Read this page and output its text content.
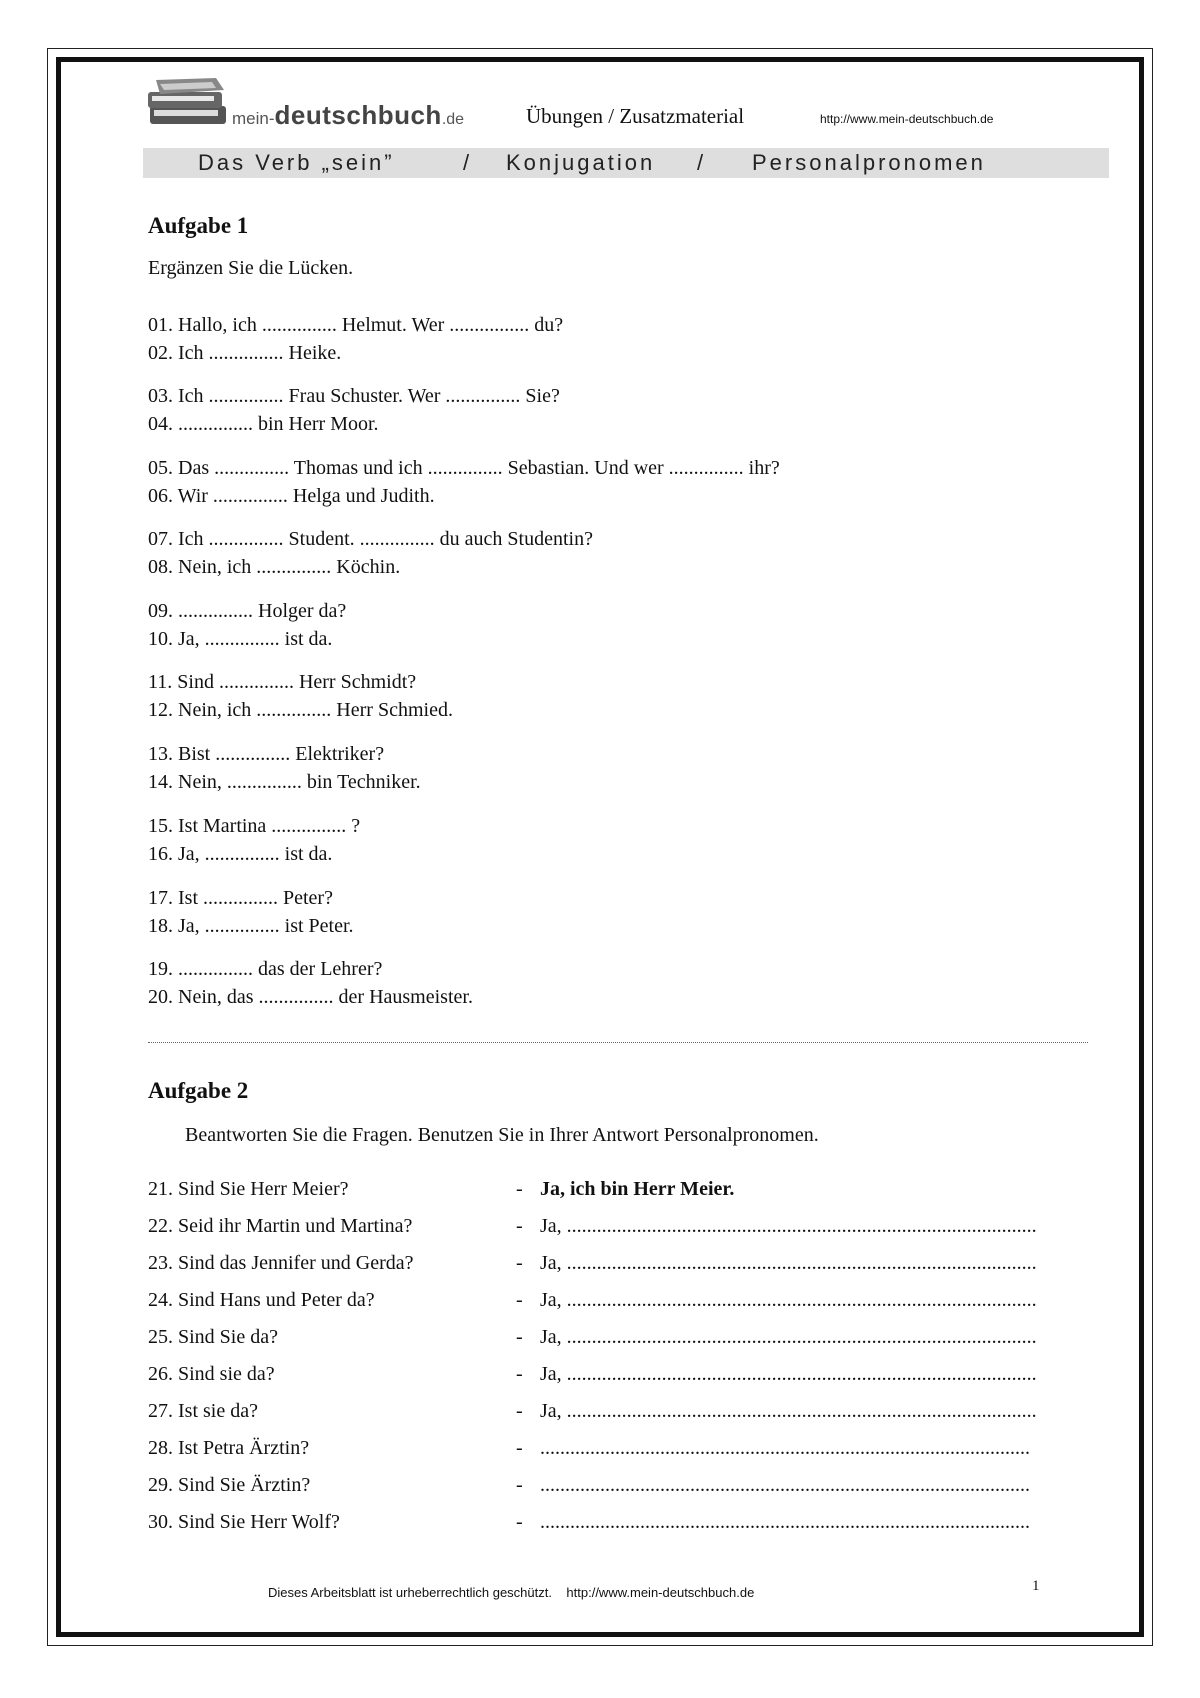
mein-deutschbuch.de	Übungen / Zusatzmaterial	http://www.mein-deutschbuch.de
Das Verb „sein”	/ Konjugation / Personalpronomen
Aufgabe 1
Ergänzen Sie die Lücken.
01. Hallo, ich ............... Helmut. Wer ................ du?
02. Ich ............... Heike.
03. Ich ............... Frau Schuster. Wer ............... Sie?
04. ............... bin Herr Moor.
05. Das ............... Thomas und ich ............... Sebastian. Und wer ............... ihr?
06. Wir ............... Helga und Judith.
07. Ich ............... Student. ............... du auch Studentin?
08. Nein, ich ............... Köchin.
09. ............... Holger da?
10. Ja, ............... ist da.
11. Sind ............... Herr Schmidt?
12. Nein, ich ............... Herr Schmied.
13. Bist ............... Elektriker?
14. Nein, ............... bin Techniker.
15. Ist Martina ............... ?
16. Ja, ............... ist da.
17. Ist ............... Peter?
18. Ja, ............... ist Peter.
19. ............... das der Lehrer?
20. Nein, das ............... der Hausmeister.
Aufgabe 2
Beantworten Sie die Fragen. Benutzen Sie in Ihrer Antwort Personalpronomen.
21. Sind Sie Herr Meier?	- Ja, ich bin Herr Meier.
22. Seid ihr Martin und Martina?	- Ja, ..............................................................................................
23. Sind das Jennifer und Gerda?	- Ja, ..............................................................................................
24. Sind Hans und Peter da?	- Ja, ..............................................................................................
25. Sind Sie da?	- Ja, ..............................................................................................
26. Sind sie da?	- Ja, ..............................................................................................
27. Ist sie da?	- Ja, ..............................................................................................
28. Ist Petra Ärztin?	- ..................................................................................................
29. Sind Sie Ärztin?	- ..................................................................................................
30. Sind Sie Herr Wolf?	- ..................................................................................................
Dieses Arbeitsblatt ist urheberrechtlich geschützt.    http://www.mein-deutschbuch.de	1
